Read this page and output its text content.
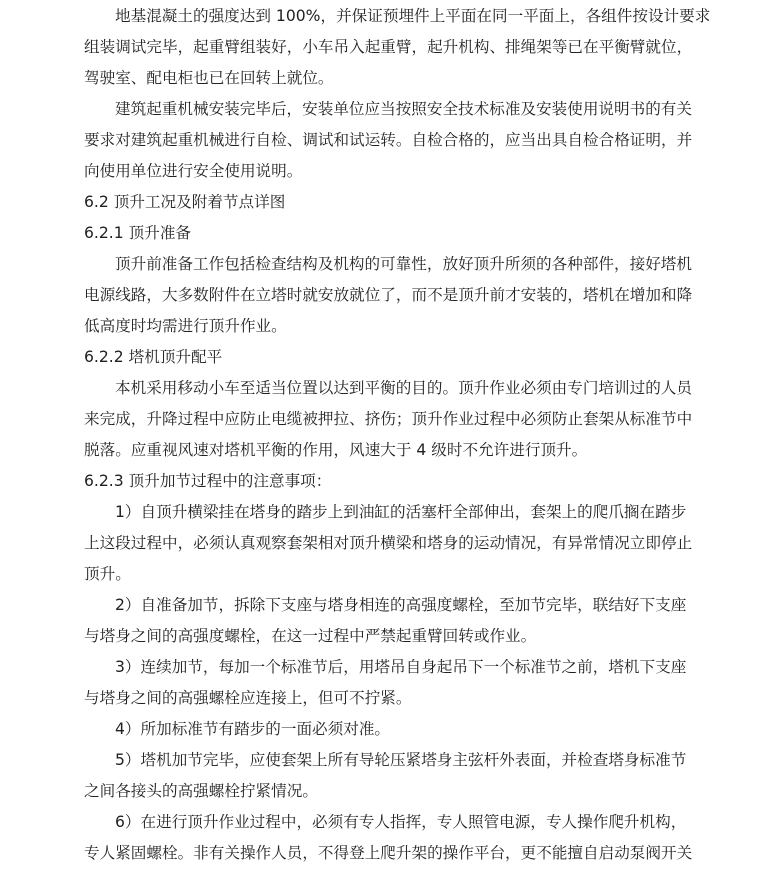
地基混凝土的强度达到 100%，并保证预埋件上平面在同一平面上，各组件按设计要求
组装调试完毕，起重臂组装好，小车吊入起重臂，起升机构、排绳架等已在平衡臂就位，
驾驶室、配电柜也已在回转上就位。
建筑起重机械安装完毕后，安装单位应当按照安全技术标准及安装使用说明书的有关
要求对建筑起重机械进行自检、调试和试运转。自检合格的，应当出具自检合格证明，并
向使用单位进行安全使用说明。
6.2 顶升工况及附着节点详图
6.2.1 顶升准备
顶升前准备工作包括检查结构及机构的可靠性，放好顶升所须的各种部件，接好塔机
电源线路，大多数附件在立塔时就安放就位了，而不是顶升前才安装的，塔机在增加和降
低高度时均需进行顶升作业。
6.2.2 塔机顶升配平
本机采用移动小车至适当位置以达到平衡的目的。顶升作业必须由专门培训过的人员
来完成，升降过程中应防止电缆被押拉、挤伤；顶升作业过程中必须防止套架从标准节中
脱落。应重视风速对塔机平衡的作用，风速大于 4 级时不允许进行顶升。
6.2.3 顶升加节过程中的注意事项：
1）自顶升横梁挂在塔身的踏步上到油缸的活塞杆全部伸出，套架上的爬爪搁在踏步
上这段过程中，必须认真观察套架相对顶升横梁和塔身的运动情况，有异常情况立即停止
顶升。
2）自准备加节，拆除下支座与塔身相连的高强度螺栓，至加节完毕，联结好下支座
与塔身之间的高强度螺栓，在这一过程中严禁起重臂回转或作业。
3）连续加节，每加一个标准节后，用塔吊自身起吊下一个标准节之前，塔机下支座
与塔身之间的高强螺栓应连接上，但可不拧紧。
4）所加标准节有踏步的一面必须对准。
5）塔机加节完毕，应使套架上所有导轮压紧塔身主弦杆外表面，并检查塔身标准节
之间各接头的高强螺栓拧紧情况。
6）在进行顶升作业过程中，必须有专人指挥，专人照管电源，专人操作爬升机构，
专人紧固螺栓。非有关操作人员，不得登上爬升架的操作平台，更不能擅自启动泵阀开关
